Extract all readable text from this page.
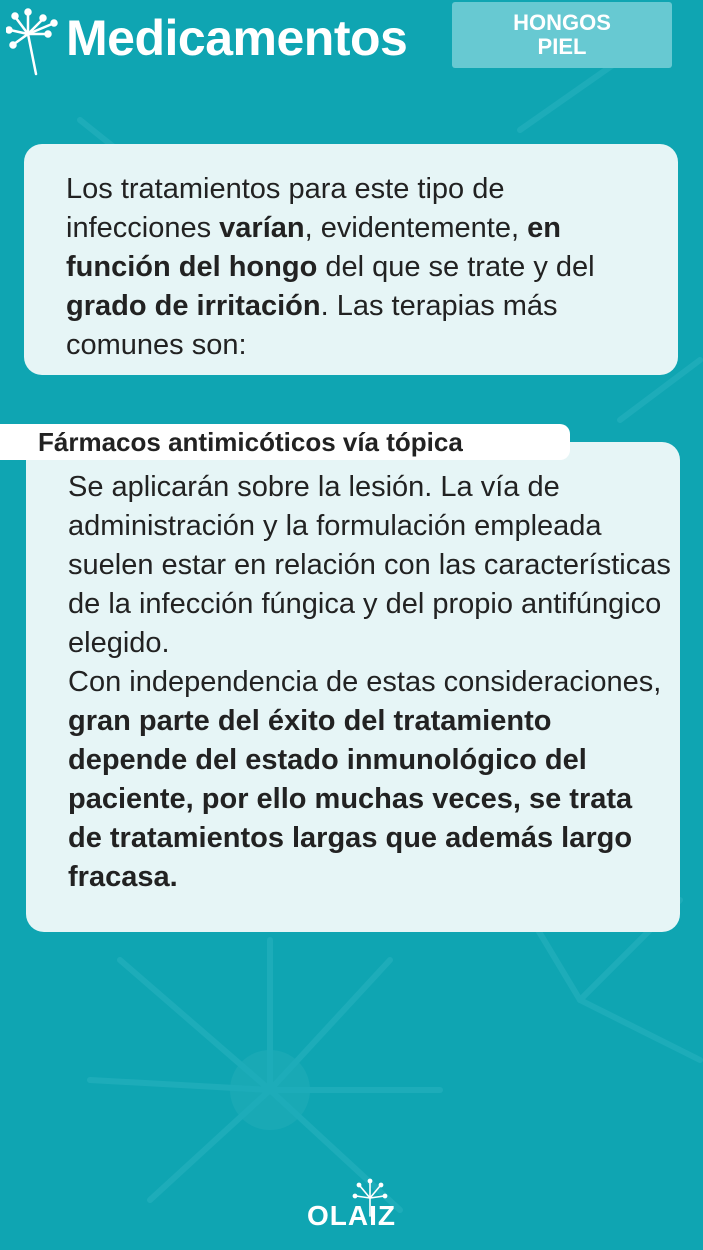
Medicamentos	HONGOS
PIEL
Los tratamientos para este tipo de infecciones varían, evidentemente, en función del hongo del que se trate y del grado de irritación. Las terapias más comunes son:
Se aplicarán sobre la lesión. La vía de administración y la formulación empleada suelen estar en relación con las características de la infección fúngica y del propio antifúngico elegido.
Con independencia de estas consideraciones, gran parte del éxito del tratamiento depende del estado inmunológico del paciente, por ello muchas veces, se trata de tratamientos largas que además largo fracasa.
Fármacos antimicóticos vía tópica
OLAIZ
